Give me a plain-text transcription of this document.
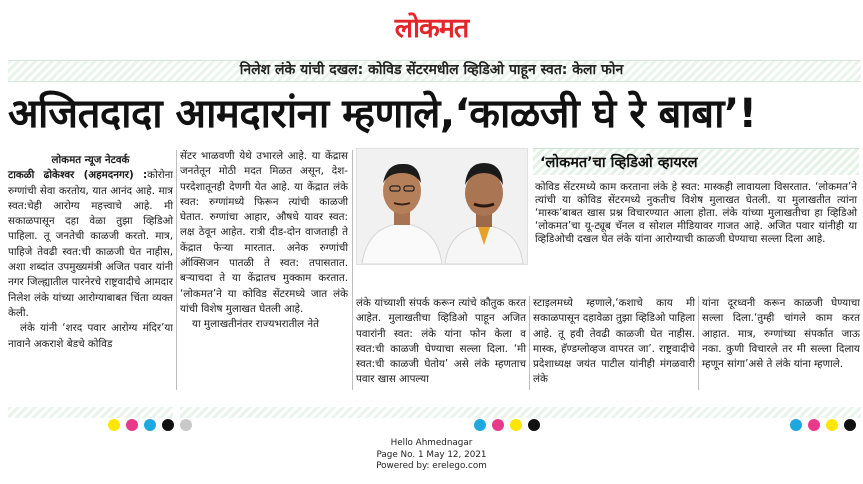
लोकमत
निलेश लंके यांची दखल: कोविड सेंटरमधील व्हिडिओ पाहून स्वत: केला फोन
अजितदादा आमदारांना म्हणाले,‘काळजी घे रे बाबा’!

लोकमत न्यूज नेटवर्क

टाकळी ढोकेश्वर (अहमदनगर) :कोरोना रुग्णांची सेवा करतोय, यात आनंद आहे. मात्र स्वत:चेही आरोग्य महत्त्वाचे आहे. मी सकाळपासून दहा वेळा तुझा व्हिडिओ पाहिला. तू जनतेची काळजी करतो. मात्र, पाहिजे तेवढी स्वत:ची काळजी घेत नाहीस, अशा शब्दांत उपमुख्यमंत्री अजित पवार यांनी नगर जिल्ह्यातील पारनेरचे राष्ट्रवादीचे आमदार निलेश लंके यांच्या आरोग्याबाबत चिंता व्यक्त केली.

लंके यांनी ‘शरद पवार आरोग्य मंदिर’या नावाने अकराशे बेडचे कोविड

सेंटर भाळवणी येथे उभारले आहे. या केंद्रास जनतेतून मोठी मदत मिळत असून, देश-परदेशातूनही देणगी येत आहे. या केंद्रात लंके स्वत: रुग्णांमध्ये फिरून त्यांची काळजी घेतात. रुग्णांचा आहार, औषधे यावर स्वत: लक्ष ठेवून आहेत. रात्री दीड-दोन वाजताही ते केंद्रात फेऱ्या मारतात. अनेक रुग्णांची ऑक्सिजन पातळी ते स्वत: तपासतात. बऱ्याचदा ते या केंद्रातच मुक्काम करतात. ‘लोकमत’ने या कोविड सेंटरमध्ये जात लंके यांची विशेष मुलाखत घेतली आहे.

या मुलाखतीनंतर राज्यभरातील नेते

लंके यांच्याशी संपर्क करून त्यांचे कौतुक करत आहेत. मुलाखतीचा व्हिडिओ पाहून अजित पवारांनी स्वत: लंके यांना फोन केला व स्वत:ची काळजी घेण्याचा सल्ला दिला. ‘मी स्वत:ची काळजी घेतोय’ असे लंके म्हणताच पवार खास आपल्या
‘लोकमत’चा व्हिडिओ व्हायरल
कोविड सेंटरमध्ये काम करताना लंके हे स्वत: मास्कही लावायला विसरतात. ‘लोकमत’ने त्यांची या कोविड सेंटरमध्ये नुकतीच विशेष मुलाखत घेतली. या मुलाखतीत त्यांना ‘मास्क’बाबत खास प्रश्न विचारण्यात आला होता. लंके यांच्या मुलाखतीचा हा व्हिडिओ ‘लोकमत’चा यू-ट्यूब चॅनल व सोशल मीडियावर गाजत आहे. अजित पवार यांनीही या व्हिडिओची दखल घेत लंके यांना आरोग्याची काळजी घेण्याचा सल्ला दिला आहे.
स्टाइलमध्ये म्हणाले,‘कशाचे काय मी सकाळपासून दहावेळा तुझा व्हिडिओ पाहिला आहे. तू हवी तेवढी काळजी घेत नाहीस. मास्क, हॅण्डग्लोव्हज वापरत जा’. राष्ट्रवादीचे प्रदेशाध्यक्ष जयंत पाटील यांनीही मंगळवारी लंके
यांना दूरध्वनी करून काळजी घेण्याचा सल्ला दिला.‘तुम्ही चांगले काम करत आहात. मात्र, रुग्णांच्या संपर्कात जाऊ नका. कुणी विचारले तर मी सल्ला दिलाय म्हणून सांगा’असे ते लंके यांना म्हणाले.
Hello Ahmednagar
Page No. 1 May 12, 2021
Powered by: erelego.com
